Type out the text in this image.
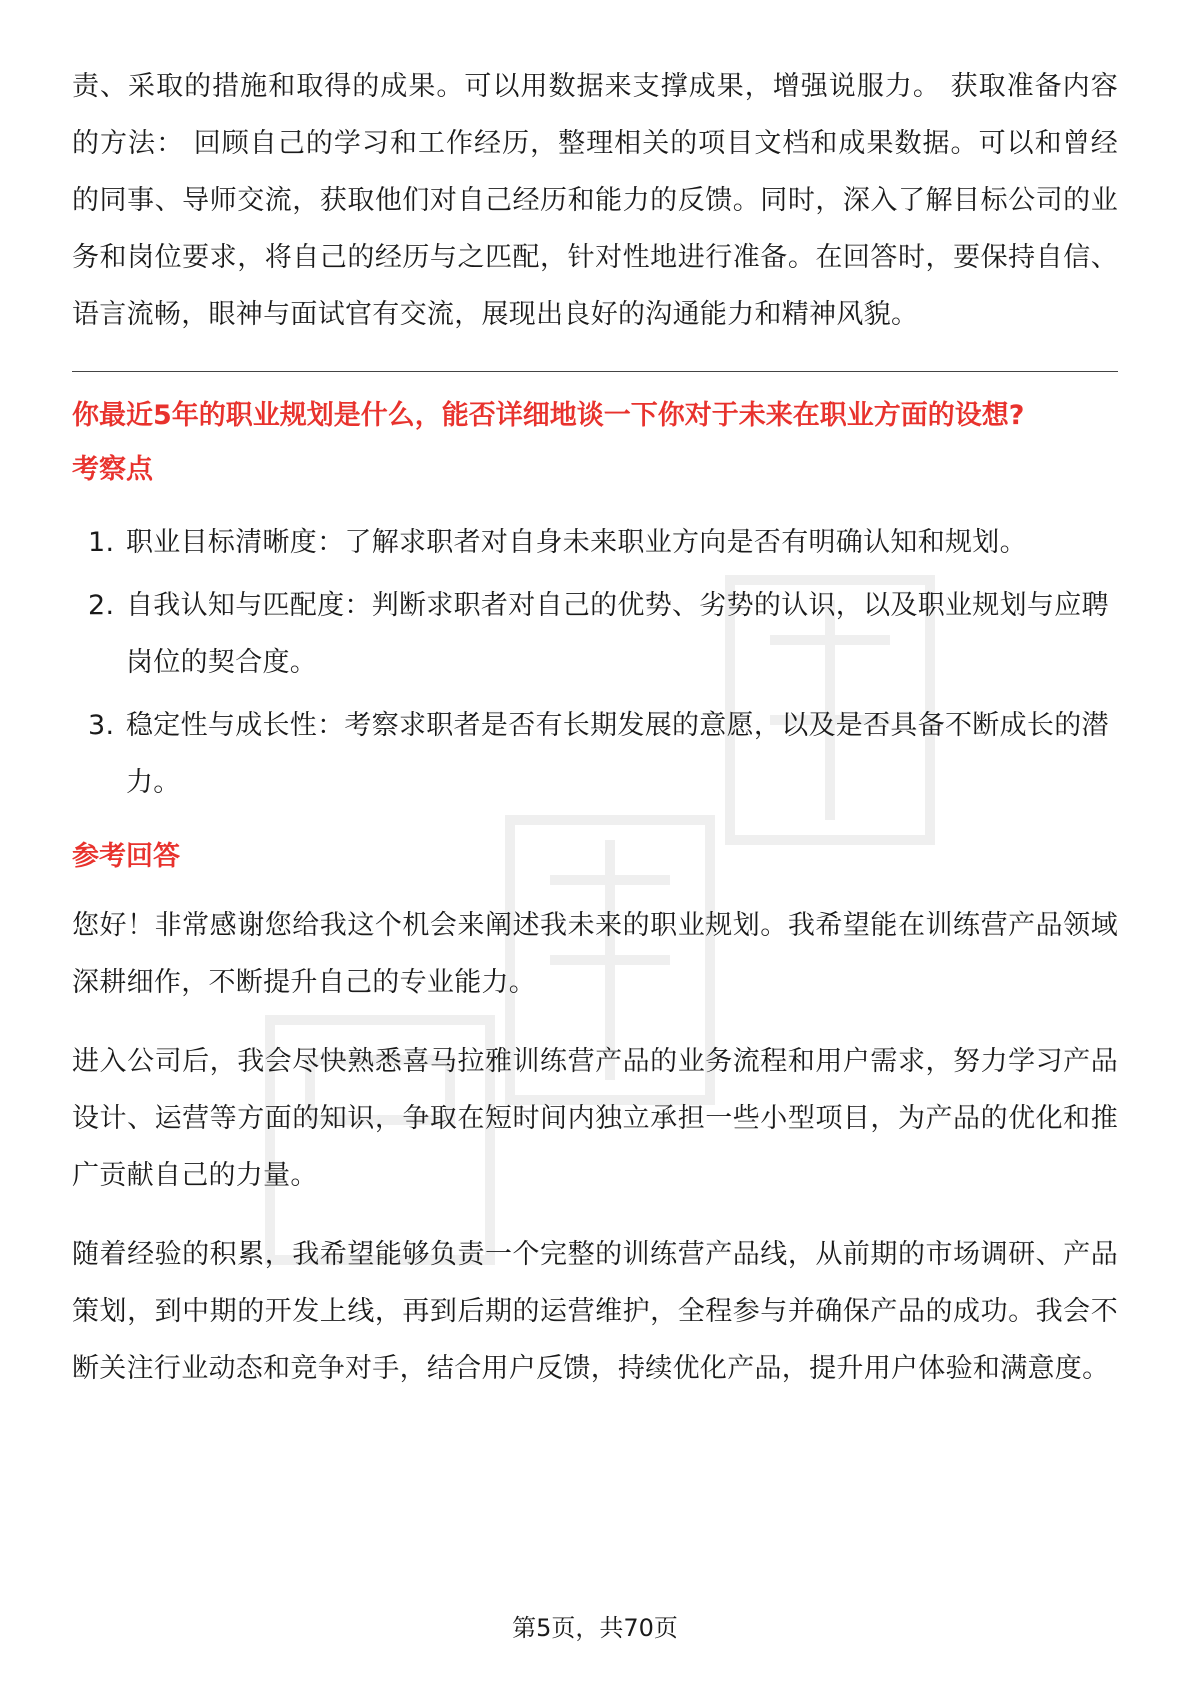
责、采取的措施和取得的成果。可以用数据来支撑成果，增强说服力。 获取准备内容的方法： 回顾自己的学习和工作经历，整理相关的项目文档和成果数据。可以和曾经的同事、导师交流，获取他们对自己经历和能力的反馈。同时，深入了解目标公司的业务和岗位要求，将自己的经历与之匹配，针对性地进行准备。在回答时，要保持自信、语言流畅，眼神与面试官有交流，展现出良好的沟通能力和精神风貌。

你最近5年的职业规划是什么，能否详细地谈一下你对于未来在职业方面的设想?
考察点
1. 职业目标清晰度：了解求职者对自身未来职业方向是否有明确认知和规划。
2. 自我认知与匹配度：判断求职者对自己的优势、劣势的认识，以及职业规划与应聘岗位的契合度。
3. 稳定性与成长性：考察求职者是否有长期发展的意愿，以及是否具备不断成长的潜力。
参考回答

您好！非常感谢您给我这个机会来阐述我未来的职业规划。我希望能在训练营产品领域深耕细作，不断提升自己的专业能力。

进入公司后，我会尽快熟悉喜马拉雅训练营产品的业务流程和用户需求，努力学习产品设计、运营等方面的知识，争取在短时间内独立承担一些小型项目，为产品的优化和推广贡献自己的力量。

随着经验的积累，我希望能够负责一个完整的训练营产品线，从前期的市场调研、产品策划，到中期的开发上线，再到后期的运营维护，全程参与并确保产品的成功。我会不断关注行业动态和竞争对手，结合用户反馈，持续优化产品，提升用户体验和满意度。

第5页，共70页
